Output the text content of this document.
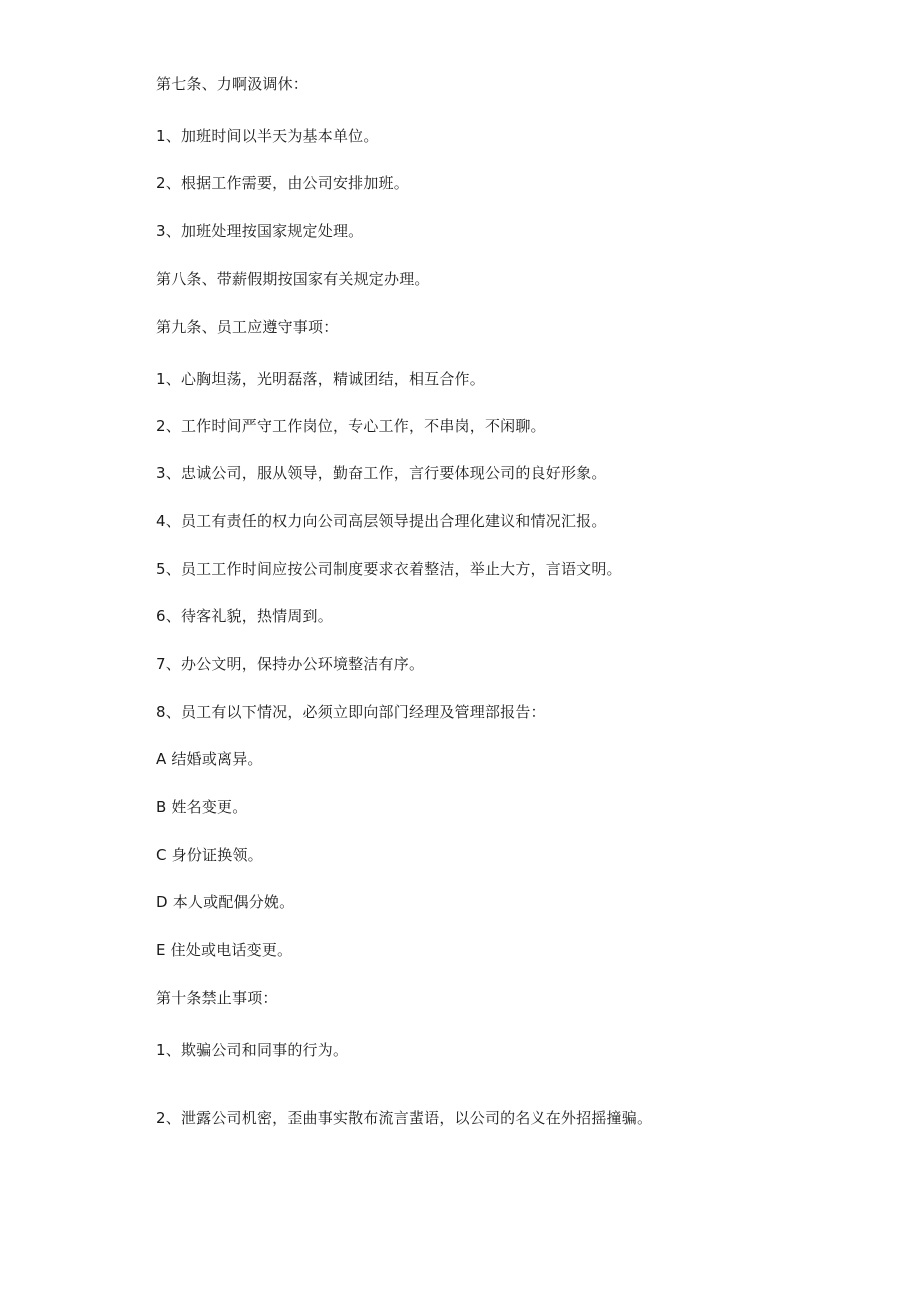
第七条、力啊汲调休：
1、加班时间以半天为基本单位。
2、根据工作需要，由公司安排加班。
3、加班处理按国家规定处理。
第八条、带薪假期按国家有关规定办理。
第九条、员工应遵守事项：
1、心胸坦荡，光明磊落，精诚团结，相互合作。
2、工作时间严守工作岗位，专心工作，不串岗，不闲聊。
3、忠诚公司，服从领导，勤奋工作，言行要体现公司的良好形象。
4、员工有责任的权力向公司高层领导提出合理化建议和情况汇报。
5、员工工作时间应按公司制度要求衣着整洁，举止大方，言语文明。
6、待客礼貌，热情周到。
7、办公文明，保持办公环境整洁有序。
8、员工有以下情况，必须立即向部门经理及管理部报告：
A 结婚或离异。
B 姓名变更。
C 身份证换领。
D 本人或配偶分娩。
E 住处或电话变更。
第十条禁止事项：
1、欺骗公司和同事的行为。
2、泄露公司机密，歪曲事实散布流言蜚语，以公司的名义在外招摇撞骗。
